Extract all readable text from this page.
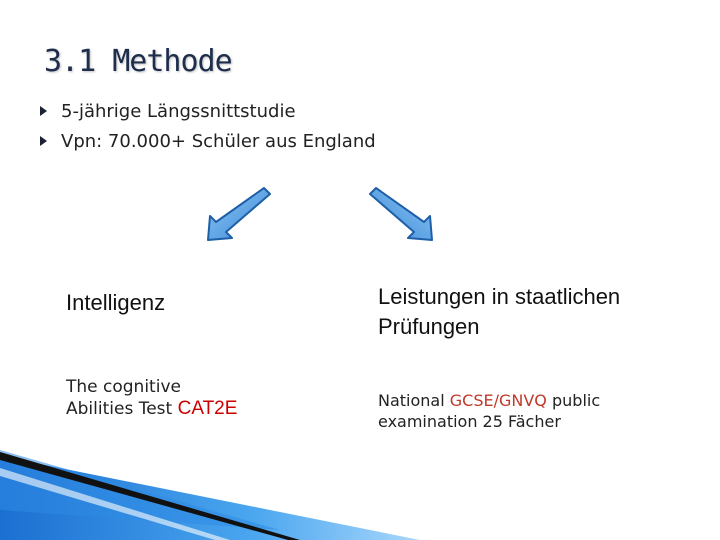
3.1 Methode
5-jährige Längssnittstudie
Vpn: 70.000+ Schüler aus England
Intelligenz	Leistungen in staatlichen
Prüfungen
The cognitive
Abilities Test CAT2E	National GCSE/GNVQ public
examination 25 Fächer
